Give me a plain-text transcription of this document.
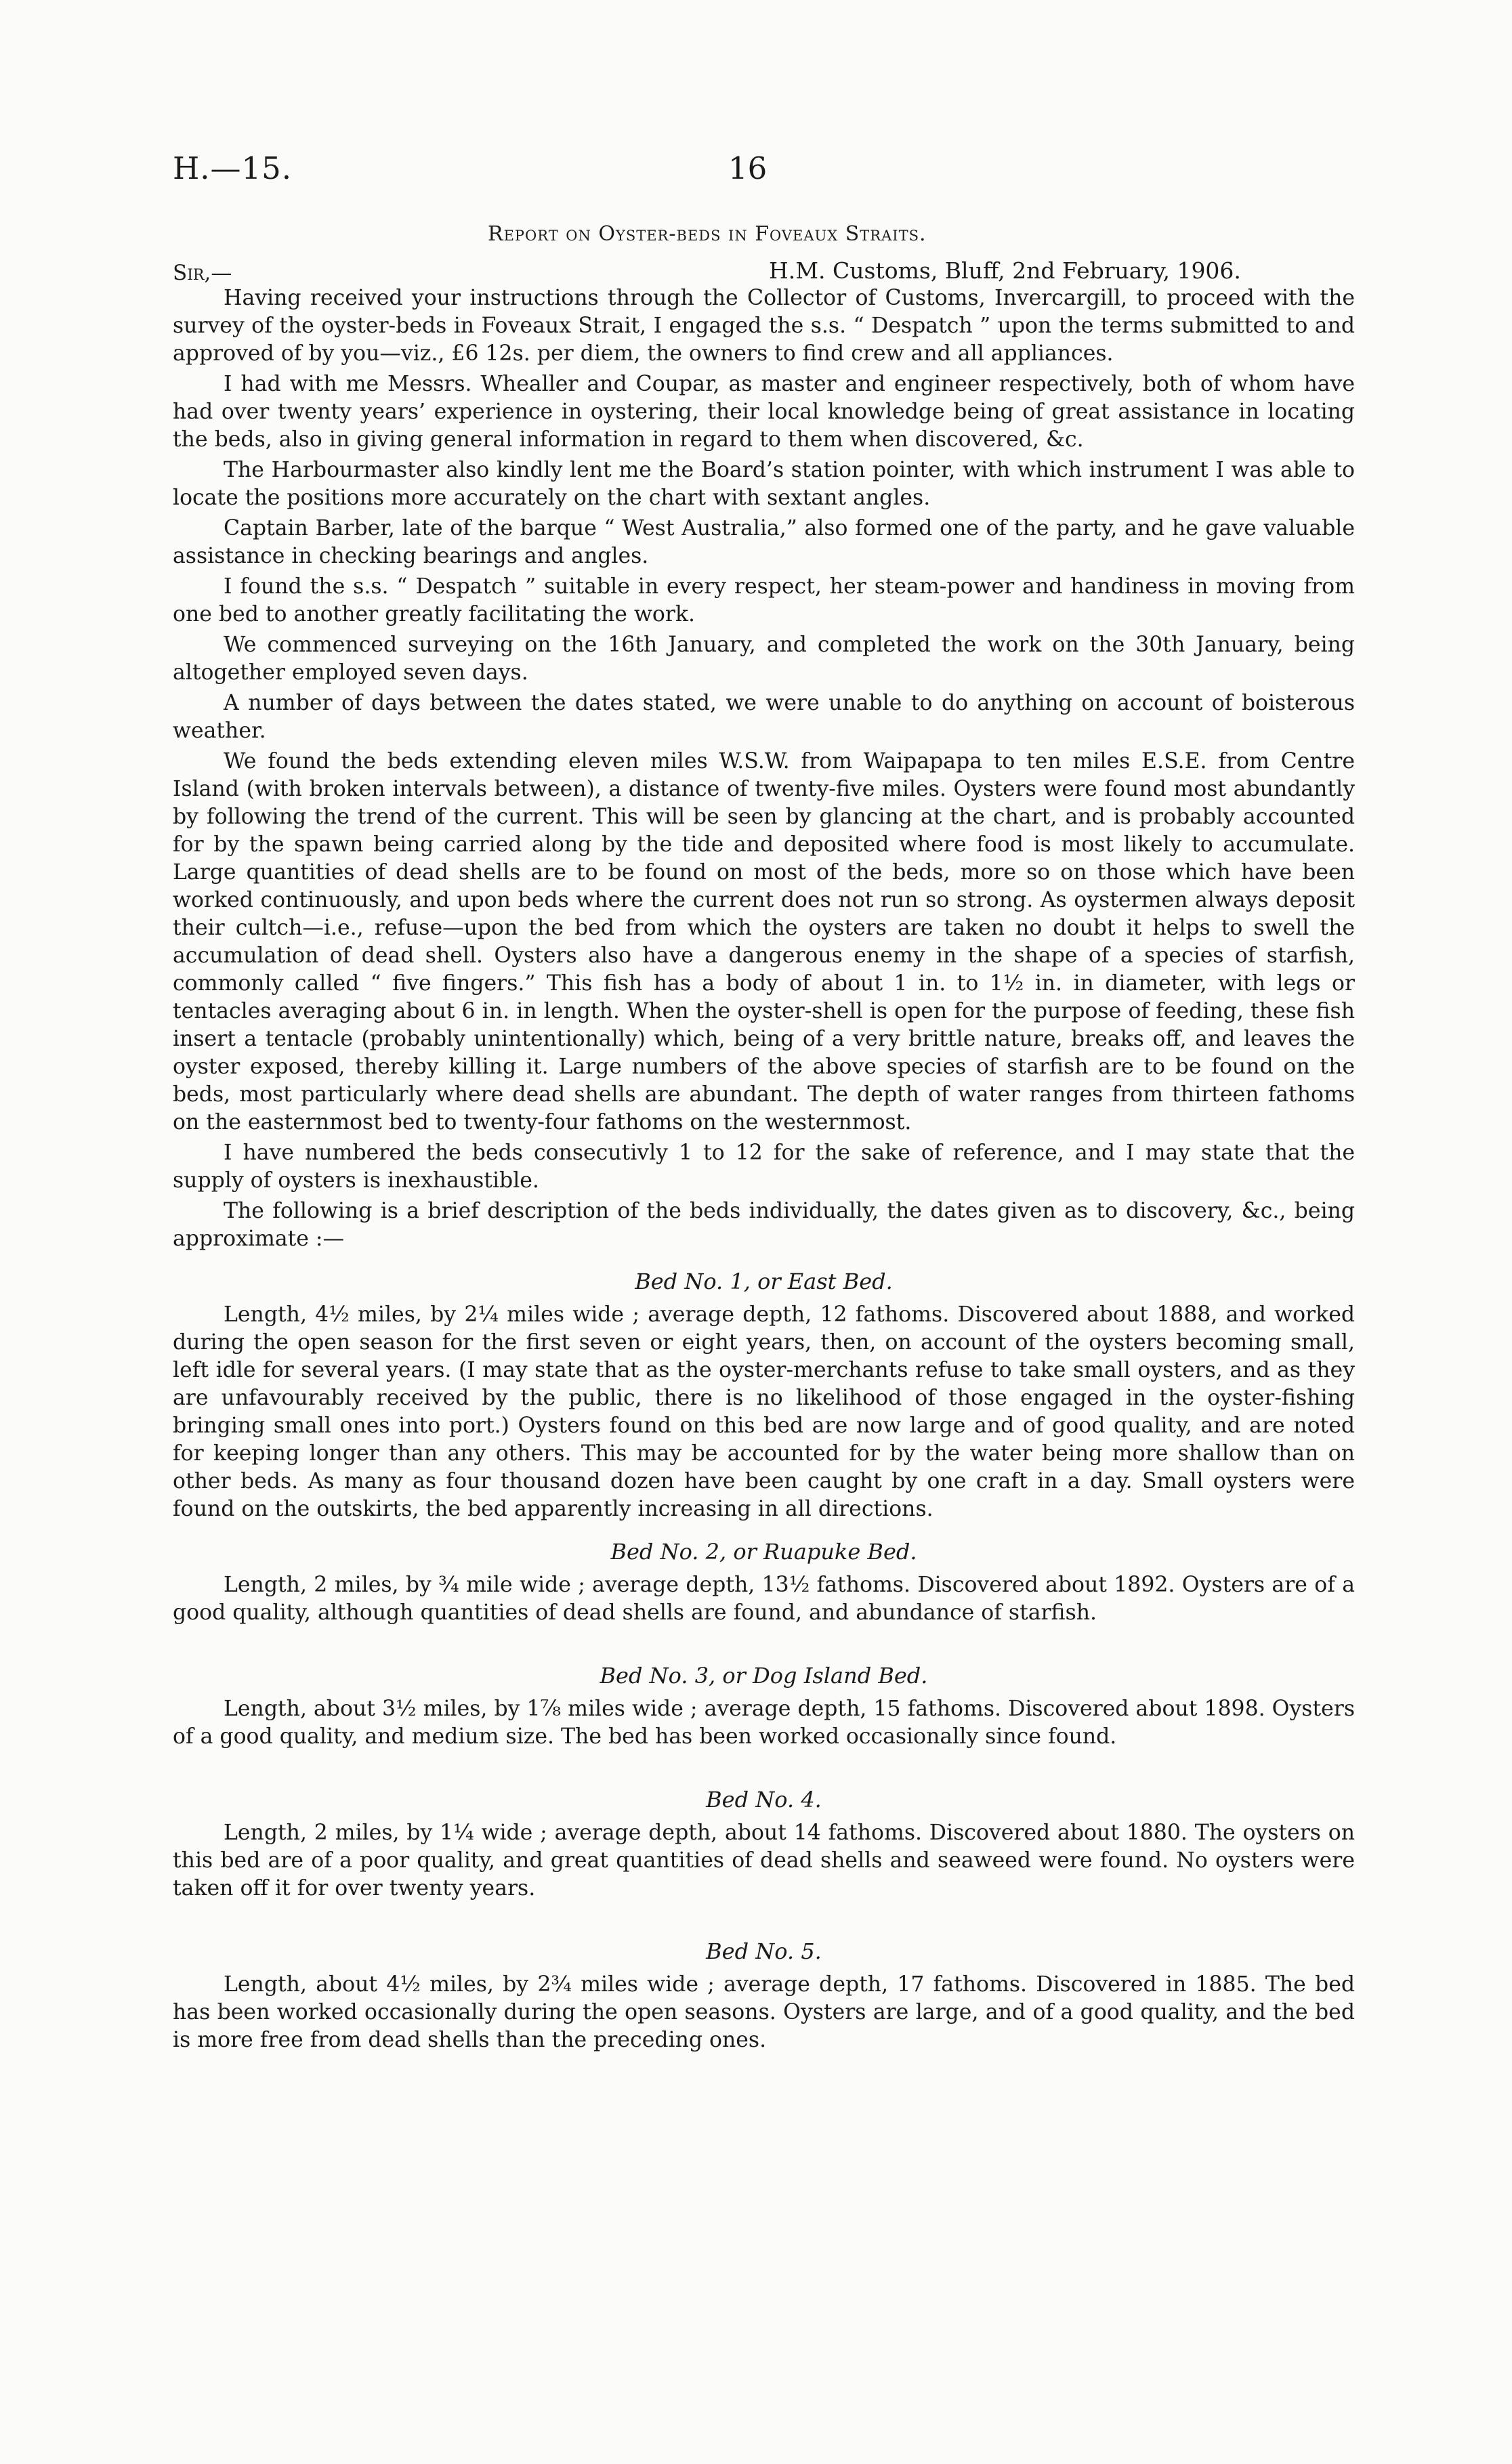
H.—15.	16
Report on Oyster-beds in Foveaux Straits.
Sir,—	H.M. Customs, Bluff, 2nd February, 1906.

Having received your instructions through the Collector of Customs, Invercargill, to proceed with the survey of the oyster-beds in Foveaux Strait, I engaged the s.s. “ Despatch ” upon the terms submitted to and approved of by you—viz., £6 12s. per diem, the owners to find crew and all appliances.

I had with me Messrs. Whealler and Coupar, as master and engineer respectively, both of whom have had over twenty years’ experience in oystering, their local knowledge being of great assistance in locating the beds, also in giving general information in regard to them when discovered, &c.

The Harbourmaster also kindly lent me the Board’s station pointer, with which instrument I was able to locate the positions more accurately on the chart with sextant angles.

Captain Barber, late of the barque “ West Australia,” also formed one of the party, and he gave valuable assistance in checking bearings and angles.

I found the s.s. “ Despatch ” suitable in every respect, her steam-power and handiness in moving from one bed to another greatly facilitating the work.

We commenced surveying on the 16th January, and completed the work on the 30th January, being altogether employed seven days.

A number of days between the dates stated, we were unable to do anything on account of boisterous weather.

We found the beds extending eleven miles W.S.W. from Waipapapa to ten miles E.S.E. from Centre Island (with broken intervals between), a distance of twenty-five miles. Oysters were found most abundantly by following the trend of the current. This will be seen by glancing at the chart, and is probably accounted for by the spawn being carried along by the tide and deposited where food is most likely to accumulate. Large quantities of dead shells are to be found on most of the beds, more so on those which have been worked continuously, and upon beds where the current does not run so strong. As oystermen always deposit their cultch—i.e., refuse—upon the bed from which the oysters are taken no doubt it helps to swell the accumulation of dead shell. Oysters also have a dangerous enemy in the shape of a species of starfish, commonly called “ five fingers.” This fish has a body of about 1 in. to 1½ in. in diameter, with legs or tentacles averaging about 6 in. in length. When the oyster-shell is open for the purpose of feeding, these fish insert a tentacle (probably unintentionally) which, being of a very brittle nature, breaks off, and leaves the oyster exposed, thereby killing it. Large numbers of the above species of starfish are to be found on the beds, most particularly where dead shells are abundant. The depth of water ranges from thirteen fathoms on the easternmost bed to twenty-four fathoms on the westernmost.

I have numbered the beds consecutivly 1 to 12 for the sake of reference, and I may state that the supply of oysters is inexhaustible.

The following is a brief description of the beds individually, the dates given as to discovery, &c., being approximate :—

Bed No. 1, or East Bed.

Length, 4½ miles, by 2¼ miles wide ; average depth, 12 fathoms. Discovered about 1888, and worked during the open season for the first seven or eight years, then, on account of the oysters becoming small, left idle for several years. (I may state that as the oyster-merchants refuse to take small oysters, and as they are unfavourably received by the public, there is no likelihood of those engaged in the oyster-fishing bringing small ones into port.) Oysters found on this bed are now large and of good quality, and are noted for keeping longer than any others. This may be accounted for by the water being more shallow than on other beds. As many as four thousand dozen have been caught by one craft in a day. Small oysters were found on the outskirts, the bed apparently increasing in all directions.

Bed No. 2, or Ruapuke Bed.

Length, 2 miles, by ¾ mile wide ; average depth, 13½ fathoms. Discovered about 1892. Oysters are of a good quality, although quantities of dead shells are found, and abundance of starfish.

Bed No. 3, or Dog Island Bed.

Length, about 3½ miles, by 1⅞ miles wide ; average depth, 15 fathoms. Discovered about 1898. Oysters of a good quality, and medium size. The bed has been worked occasionally since found.

Bed No. 4.

Length, 2 miles, by 1¼ wide ; average depth, about 14 fathoms. Discovered about 1880. The oysters on this bed are of a poor quality, and great quantities of dead shells and seaweed were found. No oysters were taken off it for over twenty years.

Bed No. 5.

Length, about 4½ miles, by 2¾ miles wide ; average depth, 17 fathoms. Discovered in 1885. The bed has been worked occasionally during the open seasons. Oysters are large, and of a good quality, and the bed is more free from dead shells than the preceding ones.
